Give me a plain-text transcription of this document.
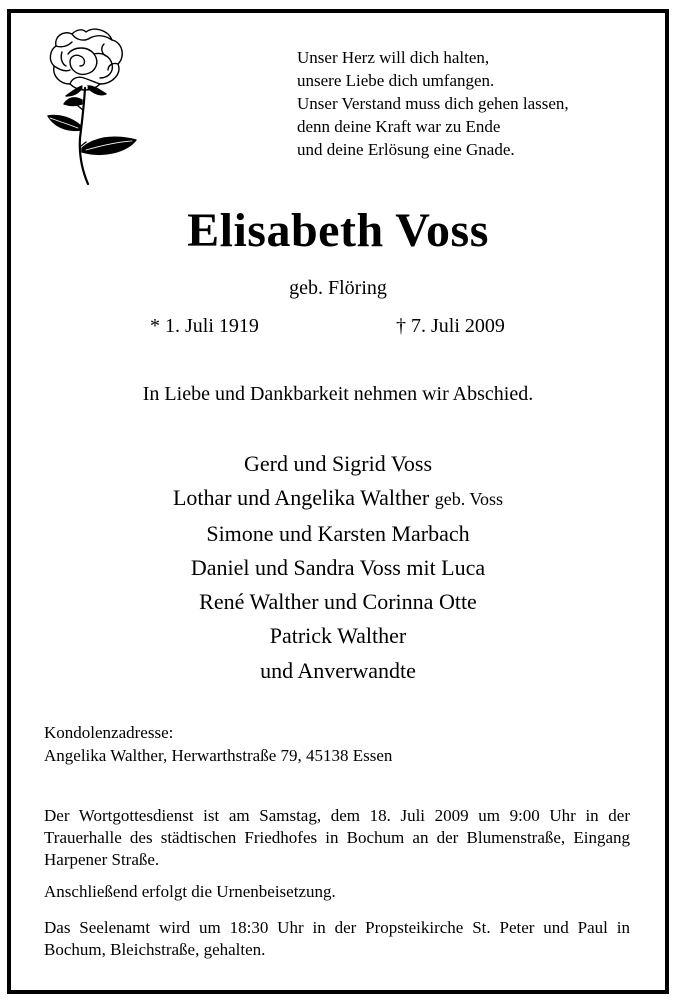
Unser Herz will dich halten,
unsere Liebe dich umfangen.
Unser Verstand muss dich gehen lassen,
denn deine Kraft war zu Ende
und deine Erlösung eine Gnade.
Elisabeth Voss
geb. Flöring
* 1. Juli 1919	† 7. Juli 2009
In Liebe und Dankbarkeit nehmen wir Abschied.
Gerd und Sigrid Voss
Lothar und Angelika Walther geb. Voss
Simone und Karsten Marbach
Daniel und Sandra Voss mit Luca
René Walther und Corinna Otte
Patrick Walther
und Anverwandte
Kondolenzadresse:
Angelika Walther, Herwarthstraße 79, 45138 Essen
Der Wortgottesdienst ist am Samstag, dem 18. Juli 2009 um 9:00 Uhr in der Trauerhalle des städtischen Friedhofes in Bochum an der Blumenstraße, Eingang Harpener Straße.
Anschließend erfolgt die Urnenbeisetzung.
Das Seelenamt wird um 18:30 Uhr in der Propsteikirche St. Peter und Paul in Bochum, Bleichstraße, gehalten.
